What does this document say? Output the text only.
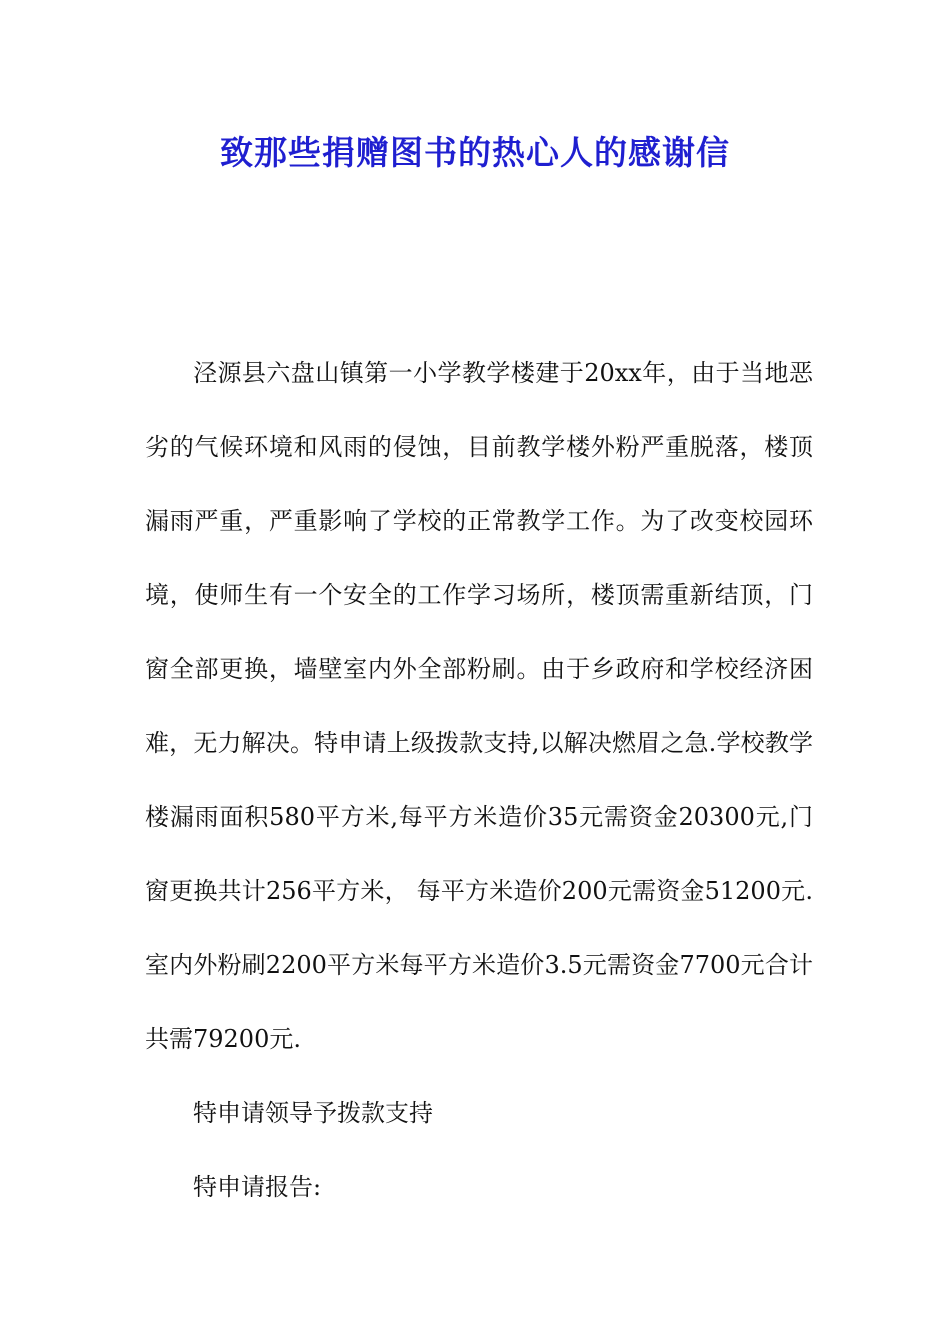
致那些捐赠图书的热心人的感谢信

泾源县六盘山镇第一小学教学楼建于20xx年，由于当地恶劣的气候环境和风雨的侵蚀，目前教学楼外粉严重脱落，楼顶漏雨严重，严重影响了学校的正常教学工作。为了改变校园环境，使师生有一个安全的工作学习场所，楼顶需重新结顶，门窗全部更换，墙壁室内外全部粉刷。由于乡政府和学校经济困难，无力解决。特申请上级拨款支持,以解决燃眉之急.学校教学楼漏雨面积580平方米,每平方米造价35元需资金20300元,门窗更换共计256平方米， 每平方米造价200元需资金51200元. 室内外粉刷2200平方米每平方米造价3.5元需资金7700元合计共需79200元.

特申请领导予拨款支持

特申请报告:
